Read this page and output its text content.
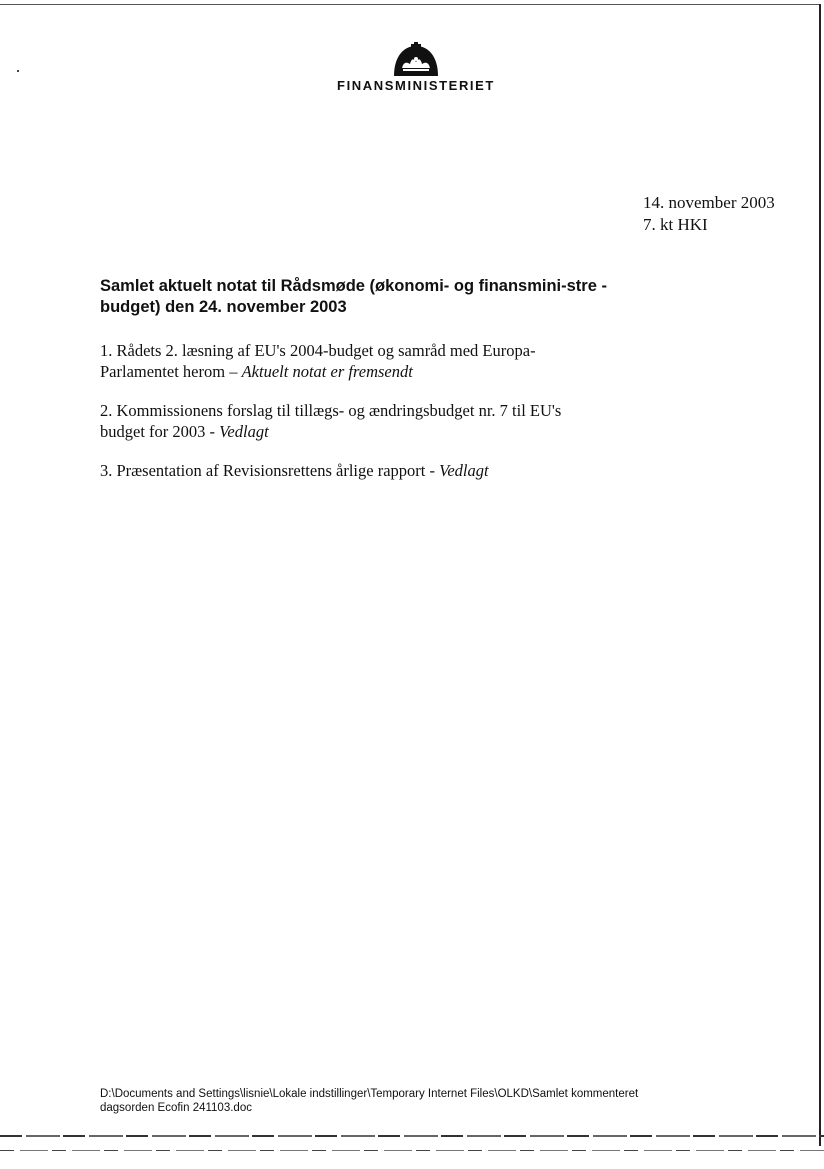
FINANSMINISTERIET
14. november 2003
7. kt HKI
Samlet aktuelt notat til Rådsmøde (økonomi- og finansmini-stre - budget) den 24. november 2003
1. Rådets 2. læsning af EU's 2004-budget og samråd med Europa-Parlamentet herom – Aktuelt notat er fremsendt
2. Kommissionens forslag til tillægs- og ændringsbudget nr. 7 til EU's budget for 2003 - Vedlagt
3. Præsentation af Revisionsrettens årlige rapport - Vedlagt
D:\Documents and Settings\lisnie\Lokale indstillinger\Temporary Internet Files\OLKD\Samlet kommenteret dagsorden Ecofin 241103.doc
